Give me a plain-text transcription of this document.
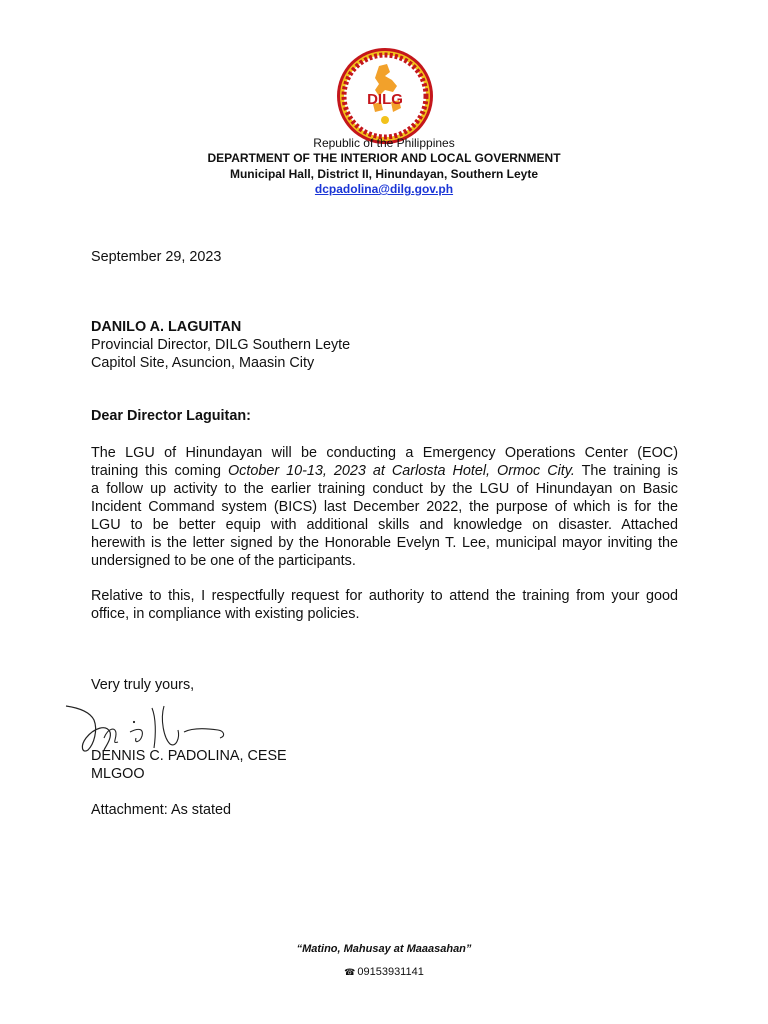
DILG
Republic of the Philippines
DEPARTMENT OF THE INTERIOR AND LOCAL GOVERNMENT
Municipal Hall, District II, Hinundayan, Southern Leyte
dcpadolina@dilg.gov.ph
September 29, 2023
DANILO A. LAGUITAN
Provincial Director, DILG Southern Leyte
Capitol Site, Asuncion, Maasin City
Dear Director Laguitan:
The LGU of Hinundayan will be conducting a Emergency Operations Center (EOC)
training this coming October 10-13, 2023 at Carlosta Hotel, Ormoc City. The training is
a follow up activity to the earlier training conduct by the LGU of Hinundayan on Basic
Incident Command system (BICS) last December 2022, the purpose of which is for the
LGU to be better equip with additional skills and knowledge on disaster. Attached
herewith is the letter signed by the Honorable Evelyn T. Lee, municipal mayor inviting the
undersigned to be one of the participants.
Relative to this, I respectfully request for authority to attend the training from your good
office, in compliance with existing policies.
Very truly yours,
DENNIS C. PADOLINA, CESE
MLGOO
Attachment: As stated
“Matino, Mahusay at Maaasahan”
☎ 09153931141
